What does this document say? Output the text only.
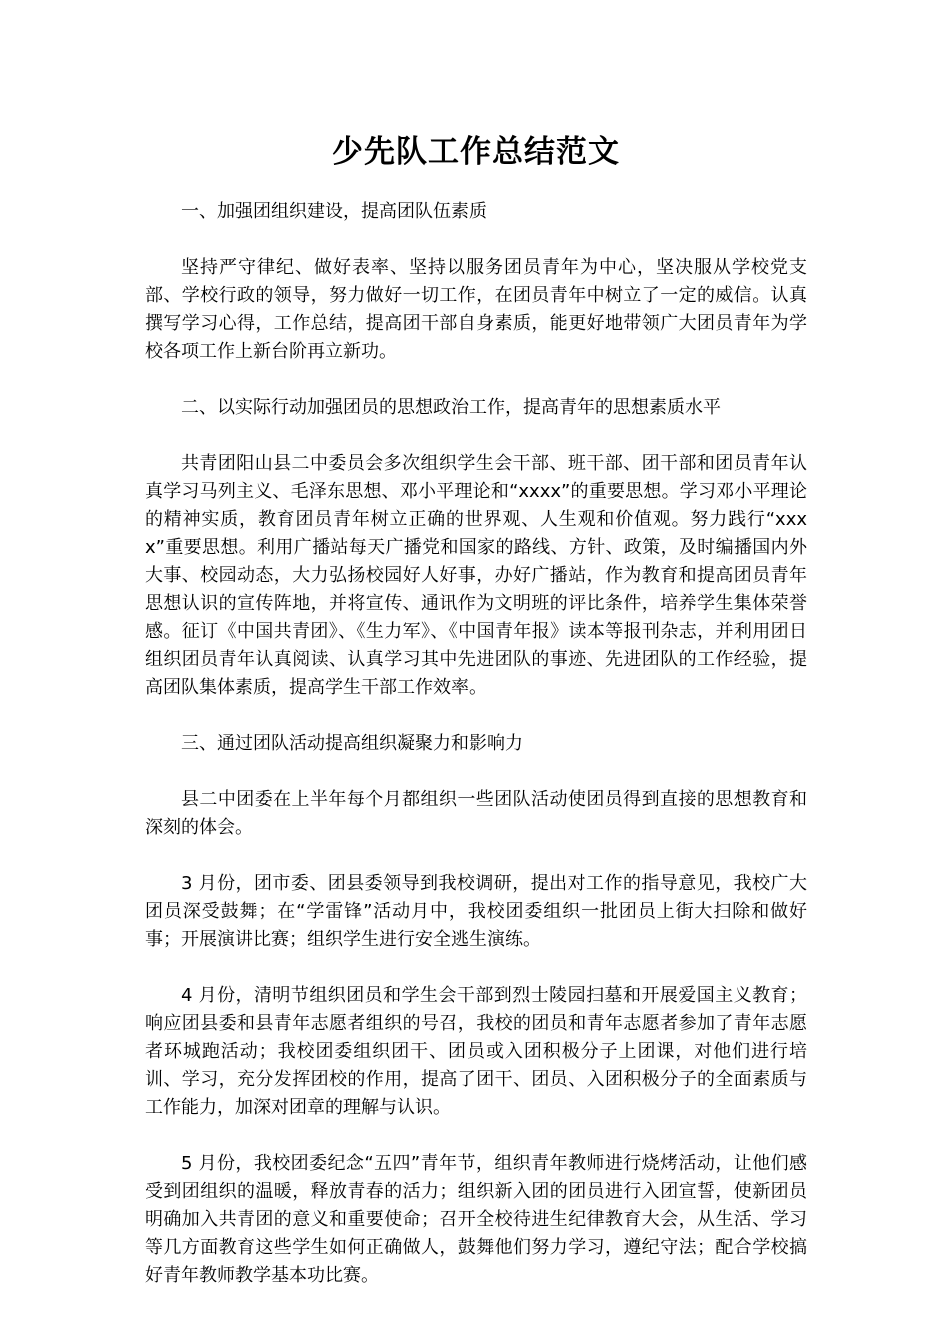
少先队工作总结范文

一、加强团组织建设，提高团队伍素质

坚持严守律纪、做好表率、坚持以服务团员青年为中心，坚决服从学校党支部、学校行政的领导，努力做好一切工作，在团员青年中树立了一定的威信。认真撰写学习心得，工作总结，提高团干部自身素质，能更好地带领广大团员青年为学校各项工作上新台阶再立新功。

二、以实际行动加强团员的思想政治工作，提高青年的思想素质水平

共青团阳山县二中委员会多次组织学生会干部、班干部、团干部和团员青年认真学习马列主义、毛泽东思想、邓小平理论和“xxxx”的重要思想。学习邓小平理论的精神实质，教育团员青年树立正确的世界观、人生观和价值观。努力践行“xxxx”重要思想。利用广播站每天广播党和国家的路线、方针、政策，及时编播国内外大事、校园动态，大力弘扬校园好人好事，办好广播站，作为教育和提高团员青年思想认识的宣传阵地，并将宣传、通讯作为文明班的评比条件，培养学生集体荣誉感。征订《中国共青团》、《生力军》、《中国青年报》读本等报刊杂志，并利用团日组织团员青年认真阅读、认真学习其中先进团队的事迹、先进团队的工作经验，提高团队集体素质，提高学生干部工作效率。

三、通过团队活动提高组织凝聚力和影响力

县二中团委在上半年每个月都组织一些团队活动使团员得到直接的思想教育和深刻的体会。

3 月份，团市委、团县委领导到我校调研，提出对工作的指导意见，我校广大团员深受鼓舞；在“学雷锋”活动月中，我校团委组织一批团员上街大扫除和做好事；开展演讲比赛；组织学生进行安全逃生演练。

4 月份，清明节组织团员和学生会干部到烈士陵园扫墓和开展爱国主义教育；响应团县委和县青年志愿者组织的号召，我校的团员和青年志愿者参加了青年志愿者环城跑活动；我校团委组织团干、团员或入团积极分子上团课，对他们进行培训、学习，充分发挥团校的作用，提高了团干、团员、入团积极分子的全面素质与工作能力，加深对团章的理解与认识。

5 月份，我校团委纪念“五四”青年节，组织青年教师进行烧烤活动，让他们感受到团组织的温暖，释放青春的活力；组织新入团的团员进行入团宣誓，使新团员明确加入共青团的意义和重要使命；召开全校待进生纪律教育大会，从生活、学习等几方面教育这些学生如何正确做人，鼓舞他们努力学习，遵纪守法；配合学校搞好青年教师教学基本功比赛。
